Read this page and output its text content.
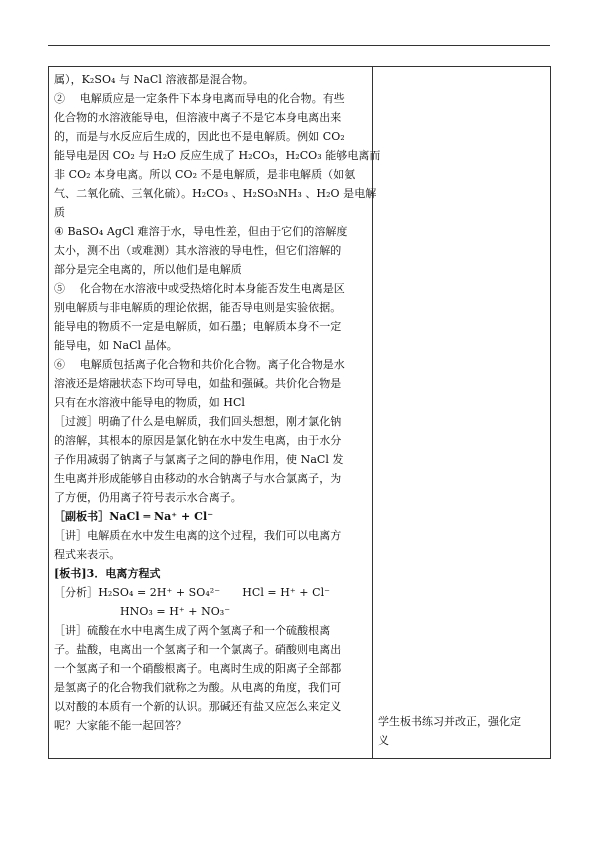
属），K₂SO₄ 与 NaCl 溶液都是混合物。
②　 电解质应是一定条件下本身电离而导电的化合物。有些
化合物的水溶液能导电，但溶液中离子不是它本身电离出来
的，而是与水反应后生成的，因此也不是电解质。例如 CO₂
能导电是因 CO₂ 与 H₂O 反应生成了 H₂CO₃，H₂CO₃ 能够电离而
非 CO₂ 本身电离。所以 CO₂ 不是电解质，是非电解质（如氨
气、二氧化硫、三氧化硫）。H₂CO₃ 、H₂SO₃NH₃ 、H₂O 是电解
质
④ BaSO₄ AgCl 难溶于水，导电性差，但由于它们的溶解度
太小，测不出（或难测）其水溶液的导电性，但它们溶解的
部分是完全电离的，所以他们是电解质
⑤　 化合物在水溶液中或受热熔化时本身能否发生电离是区
别电解质与非电解质的理论依据，能否导电则是实验依据。
能导电的物质不一定是电解质，如石墨；电解质本身不一定
能导电，如 NaCl 晶体。
⑥　 电解质包括离子化合物和共价化合物。离子化合物是水
溶液还是熔融状态下均可导电，如盐和强碱。共价化合物是
只有在水溶液中能导电的物质，如 HCl
［过渡］明确了什么是电解质，我们回头想想，刚才氯化钠
的溶解，其根本的原因是氯化钠在水中发生电离，由于水分
子作用减弱了钠离子与氯离子之间的静电作用，使 NaCl 发
生电离并形成能够自由移动的水合钠离子与水合氯离子，为
了方便，仍用离子符号表示水合离子。
［副板书］NaCl ═ Na⁺ + Cl⁻
［讲］电解质在水中发生电离的这个过程，我们可以电离方
程式来表示。
[板书]3．电离方程式
［分析］H₂SO₄ = 2H⁺ + SO₄²⁻　　HCl = H⁺ + Cl⁻
HNO₃ = H⁺ + NO₃⁻
［讲］硫酸在水中电离生成了两个氢离子和一个硫酸根离
子。盐酸，电离出一个氢离子和一个氯离子。硝酸则电离出
一个氢离子和一个硝酸根离子。电离时生成的阳离子全部都
是氢离子的化合物我们就称之为酸。从电离的角度，我们可
以对酸的本质有一个新的认识。那碱还有盐又应怎么来定义
呢？大家能不能一起回答？	学生板书练习并改正，强化定
义
